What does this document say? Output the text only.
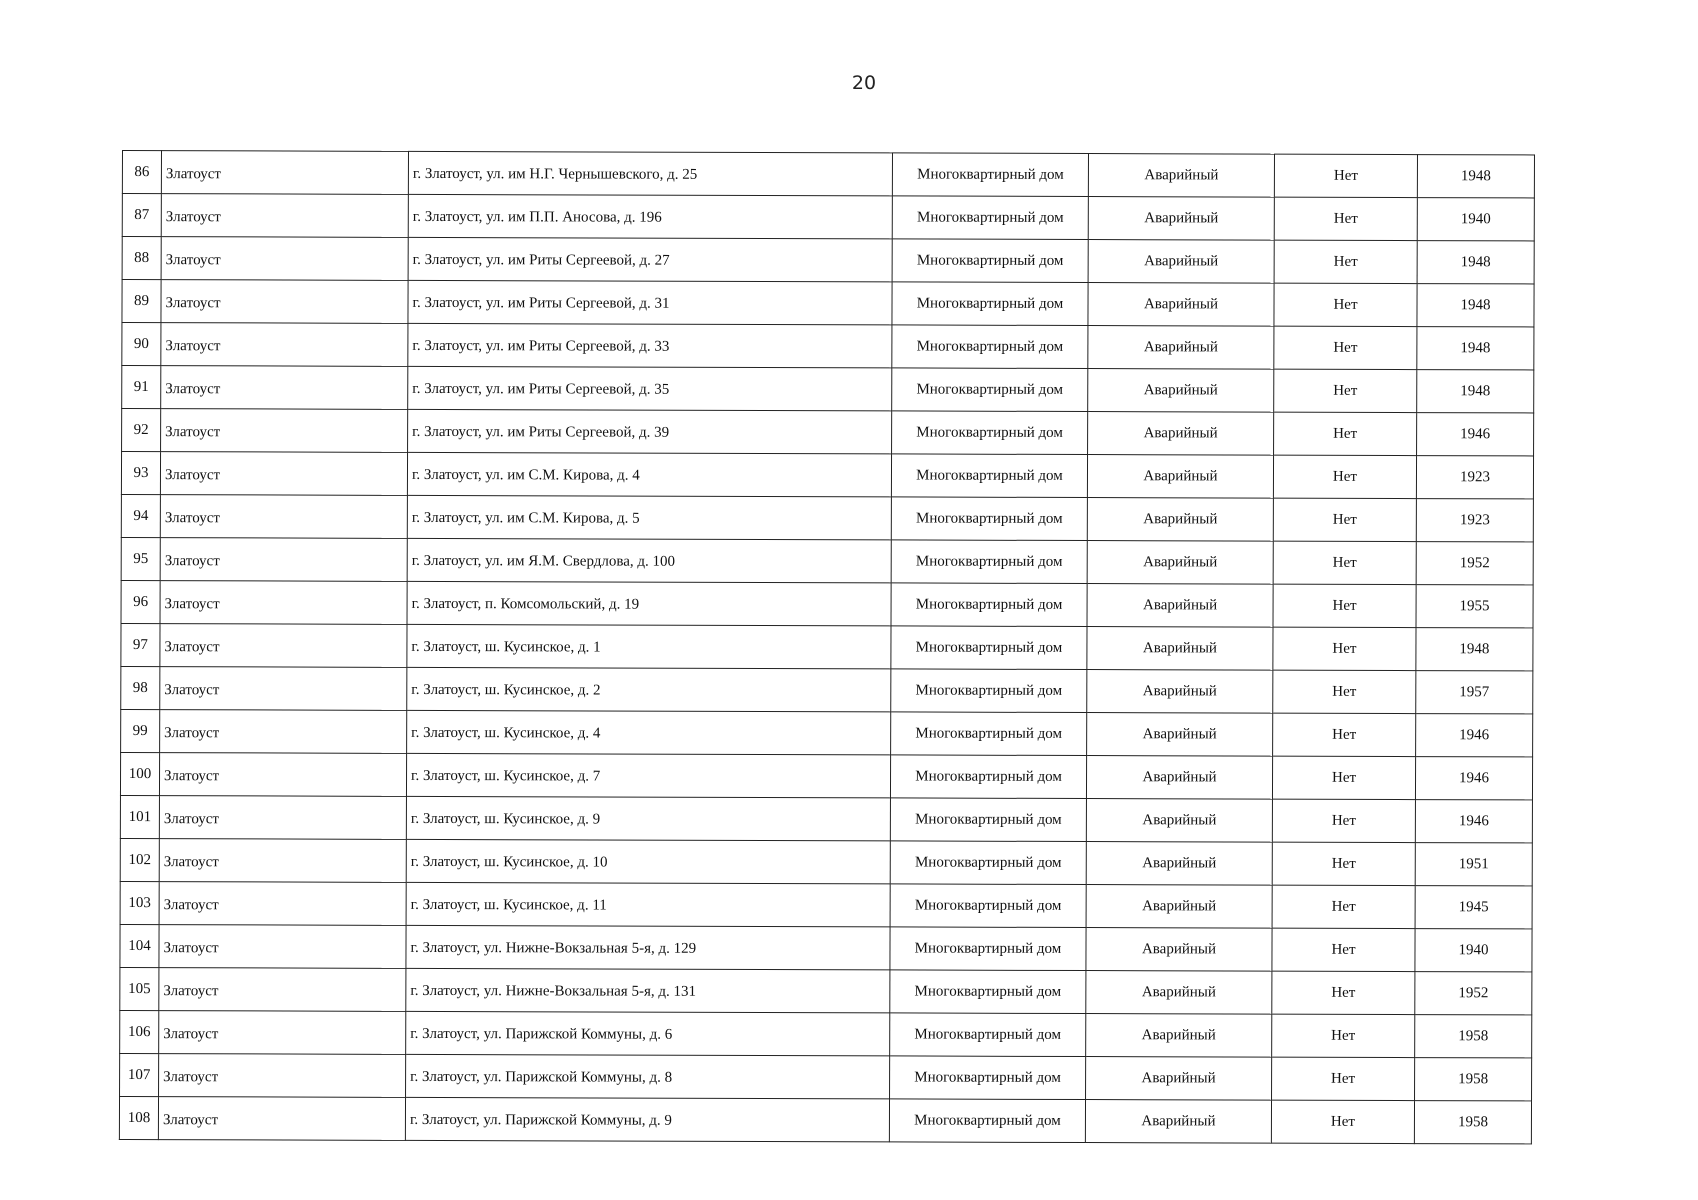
20
86	Златоуст	г. Златоуст, ул. им Н.Г. Чернышевского, д. 25	Многоквартирный дом	Аварийный	Нет	1948
87	Златоуст	г. Златоуст, ул. им П.П. Аносова, д. 196	Многоквартирный дом	Аварийный	Нет	1940
88	Златоуст	г. Златоуст, ул. им Риты Сергеевой, д. 27	Многоквартирный дом	Аварийный	Нет	1948
89	Златоуст	г. Златоуст, ул. им Риты Сергеевой, д. 31	Многоквартирный дом	Аварийный	Нет	1948
90	Златоуст	г. Златоуст, ул. им Риты Сергеевой, д. 33	Многоквартирный дом	Аварийный	Нет	1948
91	Златоуст	г. Златоуст, ул. им Риты Сергеевой, д. 35	Многоквартирный дом	Аварийный	Нет	1948
92	Златоуст	г. Златоуст, ул. им Риты Сергеевой, д. 39	Многоквартирный дом	Аварийный	Нет	1946
93	Златоуст	г. Златоуст, ул. им С.М. Кирова, д. 4	Многоквартирный дом	Аварийный	Нет	1923
94	Златоуст	г. Златоуст, ул. им С.М. Кирова, д. 5	Многоквартирный дом	Аварийный	Нет	1923
95	Златоуст	г. Златоуст, ул. им Я.М. Свердлова, д. 100	Многоквартирный дом	Аварийный	Нет	1952
96	Златоуст	г. Златоуст, п. Комсомольский, д. 19	Многоквартирный дом	Аварийный	Нет	1955
97	Златоуст	г. Златоуст, ш. Кусинское, д. 1	Многоквартирный дом	Аварийный	Нет	1948
98	Златоуст	г. Златоуст, ш. Кусинское, д. 2	Многоквартирный дом	Аварийный	Нет	1957
99	Златоуст	г. Златоуст, ш. Кусинское, д. 4	Многоквартирный дом	Аварийный	Нет	1946
100	Златоуст	г. Златоуст, ш. Кусинское, д. 7	Многоквартирный дом	Аварийный	Нет	1946
101	Златоуст	г. Златоуст, ш. Кусинское, д. 9	Многоквартирный дом	Аварийный	Нет	1946
102	Златоуст	г. Златоуст, ш. Кусинское, д. 10	Многоквартирный дом	Аварийный	Нет	1951
103	Златоуст	г. Златоуст, ш. Кусинское, д. 11	Многоквартирный дом	Аварийный	Нет	1945
104	Златоуст	г. Златоуст, ул. Нижне-Вокзальная 5-я, д. 129	Многоквартирный дом	Аварийный	Нет	1940
105	Златоуст	г. Златоуст, ул. Нижне-Вокзальная 5-я, д. 131	Многоквартирный дом	Аварийный	Нет	1952
106	Златоуст	г. Златоуст, ул. Парижской Коммуны, д. 6	Многоквартирный дом	Аварийный	Нет	1958
107	Златоуст	г. Златоуст, ул. Парижской Коммуны, д. 8	Многоквартирный дом	Аварийный	Нет	1958
108	Златоуст	г. Златоуст, ул. Парижской Коммуны, д. 9	Многоквартирный дом	Аварийный	Нет	1958
